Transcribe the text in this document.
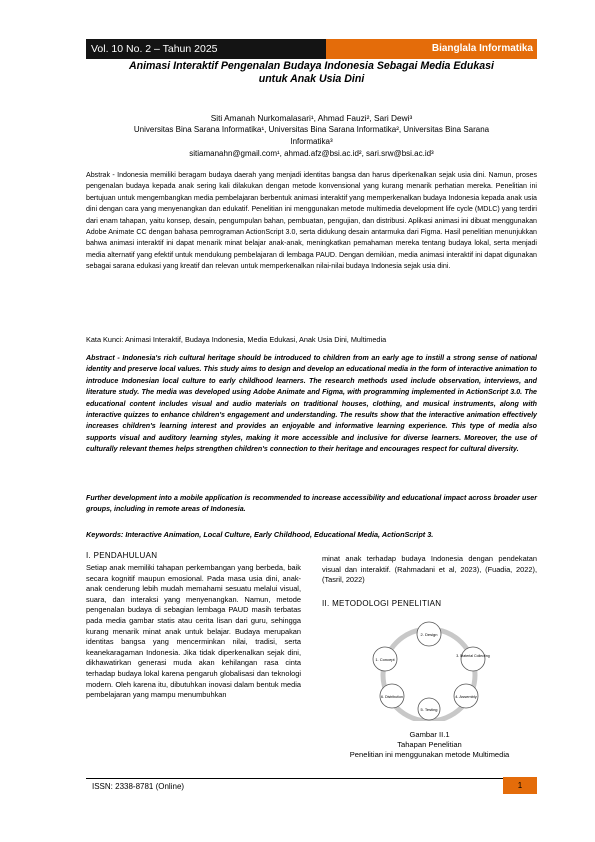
Vol. 10 No. 2 – Tahun 2025	Bianglala Informatika
Animasi Interaktif Pengenalan Budaya Indonesia Sebagai Media Edukasi
untuk Anak Usia Dini
Siti Amanah Nurkomalasari¹, Ahmad Fauzi², Sari Dewi³
Universitas Bina Sarana Informatika¹, Universitas Bina Sarana Informatika², Universitas Bina Sarana
Informatika³
sitiamanahn@gmail.com¹, ahmad.afz@bsi.ac.id², sari.srw@bsi.ac.id³

Abstrak - Indonesia memiliki beragam budaya daerah yang menjadi identitas bangsa dan harus diperkenalkan sejak usia dini. Namun, proses pengenalan budaya kepada anak sering kali dilakukan dengan metode konvensional yang kurang menarik perhatian mereka. Penelitian ini bertujuan untuk mengembangkan media pembelajaran berbentuk animasi interaktif yang memperkenalkan budaya Indonesia kepada anak usia dini dengan cara yang menyenangkan dan edukatif. Penelitian ini menggunakan metode multimedia development life cycle (MDLC) yang terdiri dari enam tahapan, yaitu konsep, desain, pengumpulan bahan, pembuatan, pengujian, dan distribusi. Aplikasi animasi ini dibuat menggunakan Adobe Animate CC dengan bahasa pemrograman ActionScript 3.0, serta didukung desain antarmuka dari Figma. Hasil penelitian menunjukkan bahwa animasi interaktif ini dapat menarik minat belajar anak-anak, meningkatkan pemahaman mereka tentang budaya lokal, serta menjadi media alternatif yang efektif untuk mendukung pembelajaran di lembaga PAUD. Dengan demikian, media animasi interaktif ini dapat digunakan sebagai sarana edukasi yang kreatif dan relevan untuk memperkenalkan nilai-nilai budaya Indonesia sejak usia dini.

Kata Kunci: Animasi Interaktif, Budaya Indonesia, Media Edukasi, Anak Usia Dini, Multimedia

Abstract - Indonesia's rich cultural heritage should be introduced to children from an early age to instill a strong sense of national identity and preserve local values. This study aims to design and develop an educational media in the form of interactive animation to introduce Indonesian local culture to early childhood learners. The research methods used include observation, interviews, and literature study. The media was developed using Adobe Animate and Figma, with programming implemented in ActionScript 3.0. The educational content includes visual and audio materials on traditional houses, clothing, and musical instruments, along with interactive quizzes to enhance children's engagement and understanding. The results show that the interactive animation effectively increases children's learning interest and provides an enjoyable and informative learning experience. This type of media also supports visual and auditory learning styles, making it more accessible and inclusive for diverse learners. Moreover, the use of culturally relevant themes helps strengthen children's connection to their heritage and encourages respect for cultural diversity.

Further development into a mobile application is recommended to increase accessibility and educational impact across broader user groups, including in remote areas of Indonesia.

Keywords: Interactive Animation, Local Culture, Early Childhood, Educational Media, ActionScript 3.

I. PENDAHULUAN

Setiap anak memiliki tahapan perkembangan yang berbeda, baik secara kognitif maupun emosional. Pada masa usia dini, anak-anak cenderung lebih mudah memahami sesuatu melalui visual, suara, dan interaksi yang menyenangkan. Namun, metode pengenalan budaya di sebagian lembaga PAUD masih terbatas pada media gambar statis atau cerita lisan dari guru, sehingga kurang menarik minat anak untuk belajar. Budaya merupakan identitas bangsa yang mencerminkan nilai, tradisi, serta keanekaragaman Indonesia. Jika tidak diperkenalkan sejak dini, dikhawatirkan generasi muda akan kehilangan rasa cinta terhadap budaya lokal karena pengaruh globalisasi dan teknologi modern. Oleh karena itu, dibutuhkan inovasi dalam bentuk media pembelajaran yang mampu menumbuhkan

minat anak terhadap budaya Indonesia dengan pendekatan visual dan interaktif. (Rahmadani et al, 2023), (Fuadia, 2022), (Tasril, 2022)

II. METODOLOGI PENELITIAN
1. Concept
2. Design
3. Material Collecting
4. Assembly
5. Testing
6. Distribution
Gambar II.1
Tahapan Penelitian
Penelitian ini menggunakan metode Multimedia
ISSN: 2338-8781 (Online)	1
